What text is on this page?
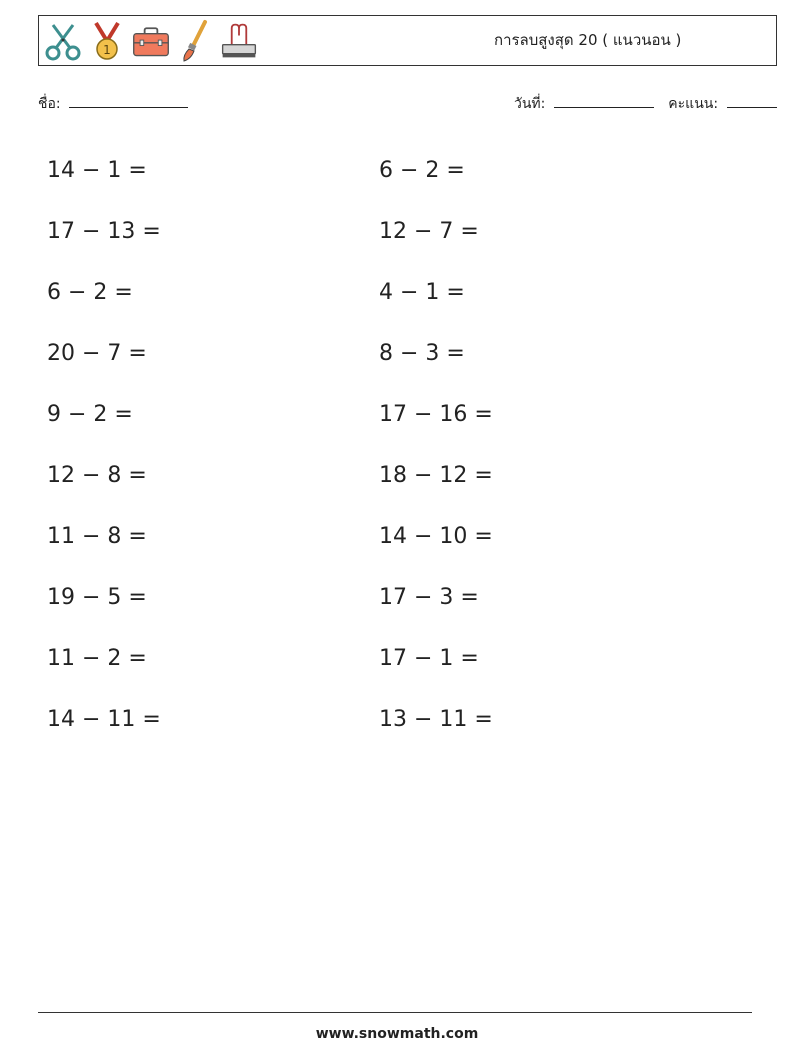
1
การลบสูงสุด 20 ( แนวนอน )
ชื่อ:	วันที่:	คะแนน:
14 − 1 =	6 − 2 =
17 − 13 =	12 − 7 =
6 − 2 =	4 − 1 =
20 − 7 =	8 − 3 =
9 − 2 =	17 − 16 =
12 − 8 =	18 − 12 =
11 − 8 =	14 − 10 =
19 − 5 =	17 − 3 =
11 − 2 =	17 − 1 =
14 − 11 =	13 − 11 =
www.snowmath.com
